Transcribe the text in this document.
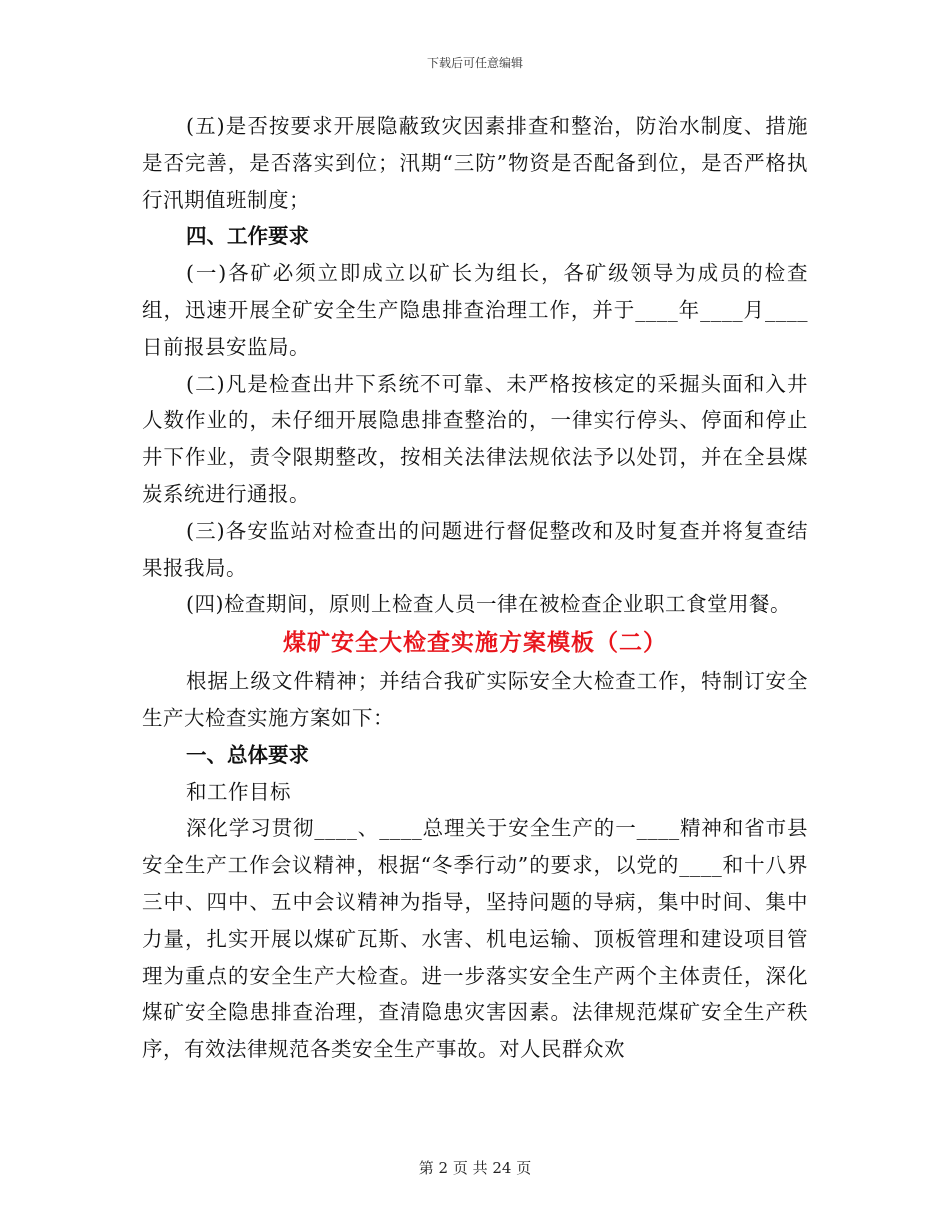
下载后可任意编辑

(五)是否按要求开展隐蔽致灾因素排查和整治，防治水制度、措施是否完善，是否落实到位；汛期“三防”物资是否配备到位，是否严格执行汛期值班制度；

四、工作要求

(一)各矿必须立即成立以矿长为组长，各矿级领导为成员的检查组，迅速开展全矿安全生产隐患排查治理工作，并于____年____月____日前报县安监局。

(二)凡是检查出井下系统不可靠、未严格按核定的采掘头面和入井人数作业的，未仔细开展隐患排查整治的，一律实行停头、停面和停止井下作业，责令限期整改，按相关法律法规依法予以处罚，并在全县煤炭系统进行通报。

(三)各安监站对检查出的问题进行督促整改和及时复查并将复查结果报我局。

(四)检查期间，原则上检查人员一律在被检查企业职工食堂用餐。

煤矿安全大检查实施方案模板（二）

根据上级文件精神；并结合我矿实际安全大检查工作，特制订安全生产大检查实施方案如下：

一、总体要求

和工作目标

深化学习贯彻____、____总理关于安全生产的一____精神和省市县安全生产工作会议精神，根据“冬季行动”的要求，以党的____和十八界三中、四中、五中会议精神为指导，坚持问题的导病，集中时间、集中力量，扎实开展以煤矿瓦斯、水害、机电运输、顶板管理和建设项目管理为重点的安全生产大检查。进一步落实安全生产两个主体责任，深化煤矿安全隐患排查治理，查清隐患灾害因素。法律规范煤矿安全生产秩序，有效法律规范各类安全生产事故。对人民群众欢

第 2 页 共 24 页
